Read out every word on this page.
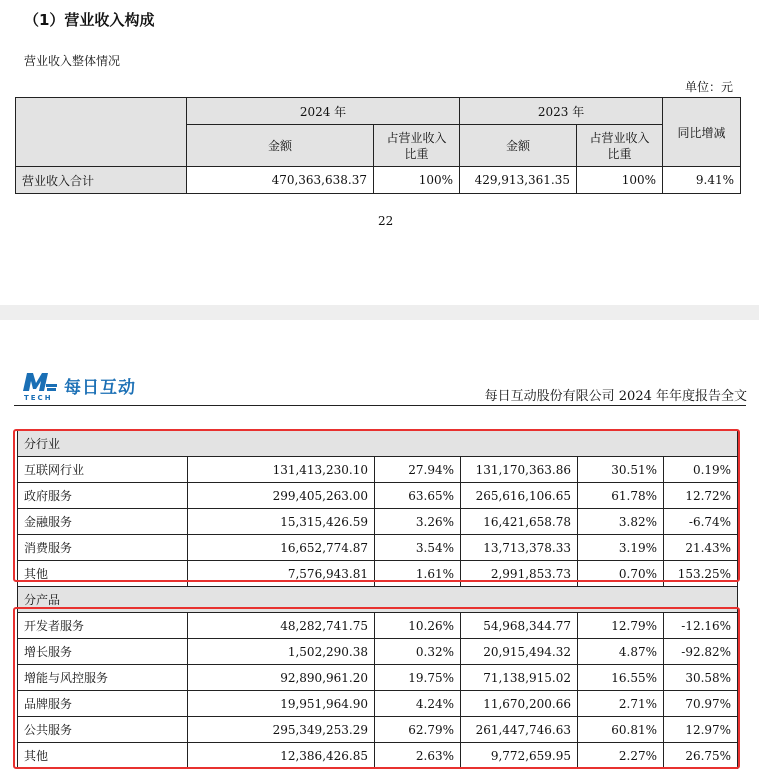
（1）营业收入构成
营业收入整体情况
单位：元
	2024 年		2023 年		同比增减
	金额	占营业收入比重	金额	占营业收入比重	
营业收入合计	470,363,638.37	100%	429,913,361.35	100%	9.41%
22
TECH 每日互动	每日互动股份有限公司 2024 年年度报告全文
分行业					
互联网行业	131,413,230.10	27.94%	131,170,363.86	30.51%	0.19%
政府服务	299,405,263.00	63.65%	265,616,106.65	61.78%	12.72%
金融服务	15,315,426.59	3.26%	16,421,658.78	3.82%	-6.74%
消费服务	16,652,774.87	3.54%	13,713,378.33	3.19%	21.43%
其他	7,576,943.81	1.61%	2,991,853.73	0.70%	153.25%
分产品					
开发者服务	48,282,741.75	10.26%	54,968,344.77	12.79%	-12.16%
增长服务	1,502,290.38	0.32%	20,915,494.32	4.87%	-92.82%
增能与风控服务	92,890,961.20	19.75%	71,138,915.02	16.55%	30.58%
品牌服务	19,951,964.90	4.24%	11,670,200.66	2.71%	70.97%
公共服务	295,349,253.29	62.79%	261,447,746.63	60.81%	12.97%
其他	12,386,426.85	2.63%	9,772,659.95	2.27%	26.75%
